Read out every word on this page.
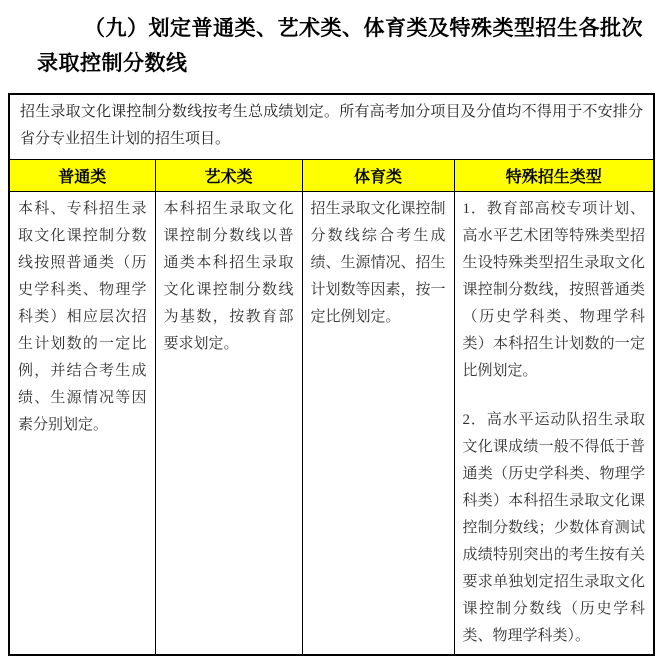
（九）划定普通类、艺术类、体育类及特殊类型招生各批次
录取控制分数线
招生录取文化课控制分数线按考生总成绩划定。所有高考加分项目及分值均不得用于不安排分省分专业招生计划的招生项目。			
普通类	艺术类	体育类	特殊招生类型

本科、专科招生录取文化课控制分数线按照普通类（历史学科类、物理学科类）相应层次招生计划数的一定比例，并结合考生成绩、生源情况等因素分别划定。	本科招生录取文化课控制分数线以普通类本科招生录取文化课控制分数线为基数，按教育部要求划定。	招生录取文化课控制分数线综合考生成绩、生源情况、招生计划数等因素，按一定比例划定。	1．教育部高校专项计划、高水平艺术团等特殊类型招生设特殊类型招生录取文化课控制分数线，按照普通类（历史学科类、物理学科类）本科招生计划数的一定比例划定。

2．高水平运动队招生录取文化课成绩一般不得低于普通类（历史学科类、物理学科类）本科招生录取文化课控制分数线；少数体育测试成绩特别突出的考生按有关要求单独划定招生录取文化课控制分数线（历史学科类、物理学科类）。
